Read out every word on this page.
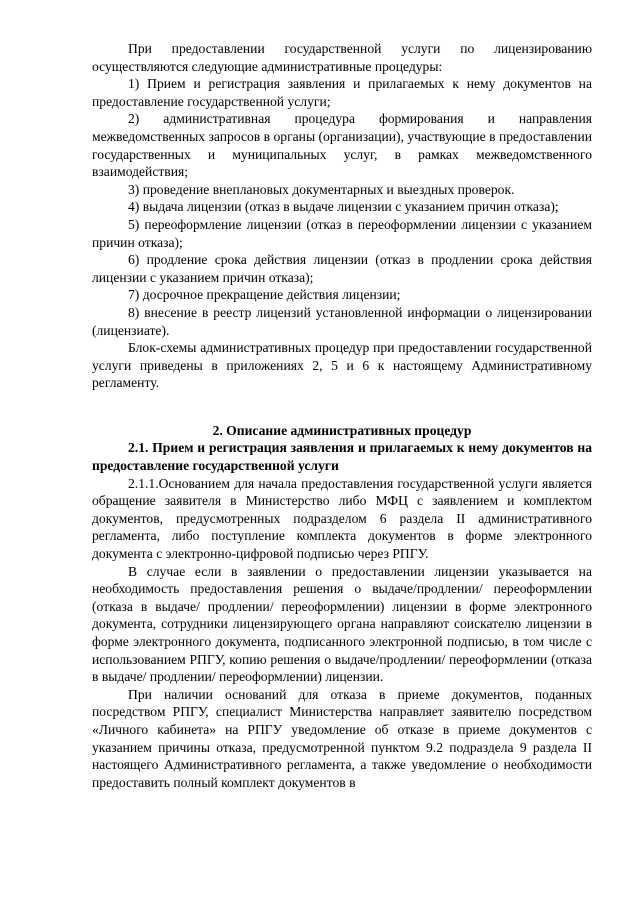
При предоставлении государственной услуги по лицензированию осуществляются следующие административные процедуры:

1) Прием и регистрация заявления и прилагаемых к нему документов на предоставление государственной услуги;

2) административная процедура формирования и направления межведомственных запросов в органы (организации), участвующие в предоставлении государственных и муниципальных услуг, в рамках межведомственного взаимодействия;

3) проведение внеплановых документарных и выездных проверок.

4) выдача лицензии (отказ в выдаче лицензии с указанием причин отказа);

5) переоформление лицензии (отказ в переоформлении лицензии с указанием причин отказа);

6) продление срока действия лицензии (отказ в продлении срока действия лицензии с указанием причин отказа);

7) досрочное прекращение действия лицензии;

8) внесение в реестр лицензий установленной информации о лицензировании (лицензиате).

Блок-схемы административных процедур при предоставлении государственной услуги приведены в приложениях 2, 5 и 6 к настоящему Административному регламенту.

2. Описание административных процедур

2.1. Прием и регистрация заявления и прилагаемых к нему документов на предоставление государственной услуги

2.1.1.Основанием для начала предоставления государственной услуги является обращение заявителя в Министерство либо МФЦ с заявлением и комплектом документов, предусмотренных подразделом 6 раздела II административного регламента, либо поступление комплекта документов в форме электронного документа с электронно-цифровой подписью через РПГУ.

В случае если в заявлении о предоставлении лицензии указывается на необходимость предоставления решения о выдаче/продлении/ переоформлении (отказа в выдаче/ продлении/ переоформлении) лицензии в форме электронного документа, сотрудники лицензирующего органа направляют соискателю лицензии в форме электронного документа, подписанного электронной подписью, в том числе с использованием РПГУ, копию решения о выдаче/продлении/ переоформлении (отказа в выдаче/ продлении/ переоформлении) лицензии.

При наличии оснований для отказа в приеме документов, поданных посредством РПГУ, специалист Министерства направляет заявителю посредством «Личного кабинета» на РПГУ уведомление об отказе в приеме документов с указанием причины отказа, предусмотренной пунктом 9.2 подраздела 9 раздела II настоящего Административного регламента, а также уведомление о необходимости предоставить полный комплект документов в
